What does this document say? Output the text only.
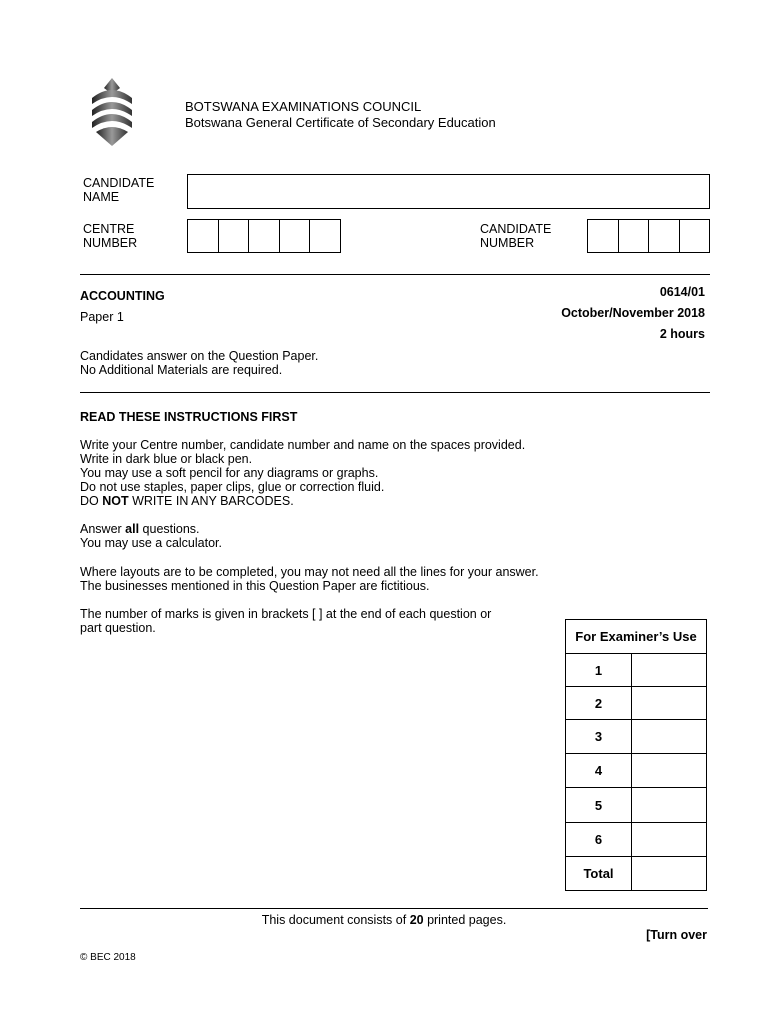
BOTSWANA EXAMINATIONS COUNCIL
Botswana General Certificate of Secondary Education
CANDIDATE
NAME
CENTRE
NUMBER
CANDIDATE
NUMBER
ACCOUNTING
Paper 1
0614/01
October/November 2018
2 hours
Candidates answer on the Question Paper.
No Additional Materials are required.
READ THESE INSTRUCTIONS FIRST
Write your Centre number, candidate number and name on the spaces provided.
Write in dark blue or black pen.
You may use a soft pencil for any diagrams or graphs.
Do not use staples, paper clips, glue or correction fluid.
DO NOT WRITE IN ANY BARCODES.
Answer all questions.
You may use a calculator.
Where layouts are to be completed, you may not need all the lines for your answer.
The businesses mentioned in this Question Paper are fictitious.
The number of marks is given in brackets [ ] at the end of each question or
part question.
For Examiner’s Use	
1	
2	
3	
4	
5	
6	
Total	
This document consists of 20 printed pages.
[Turn over
© BEC 2018
